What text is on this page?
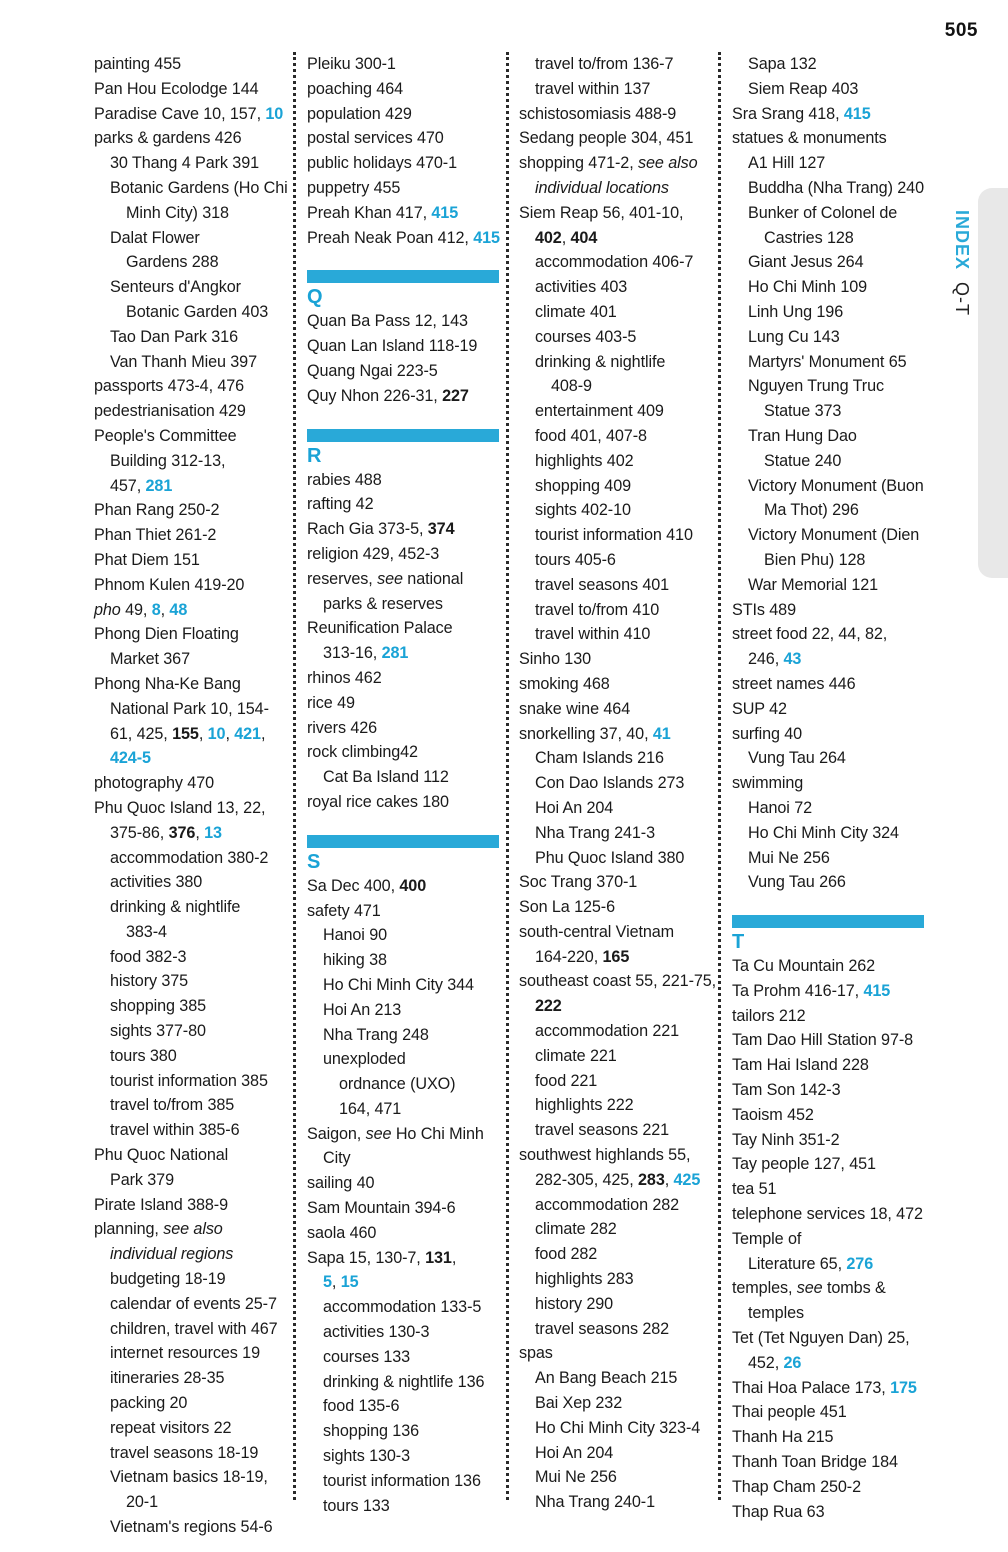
505
INDEX Q-T
painting 455
Pan Hou Ecolodge 144
Paradise Cave 10, 157, 10
parks & gardens 426
30 Thang 4 Park 391
Botanic Gardens (Ho Chi
Minh City) 318
Dalat Flower
Gardens 288
Senteurs d'Angkor
Botanic Garden 403
Tao Dan Park 316
Van Thanh Mieu 397
passports 473-4, 476
pedestrianisation 429
People's Committee
Building 312-13,
457, 281
Phan Rang 250-2
Phan Thiet 261-2
Phat Diem 151
Phnom Kulen 419-20
pho 49, 8, 48
Phong Dien Floating
Market 367
Phong Nha-Ke Bang
National Park 10, 154-
61, 425, 155, 10, 421,
424-5
photography 470
Phu Quoc Island 13, 22,
375-86, 376, 13
accommodation 380-2
activities 380
drinking & nightlife
383-4
food 382-3
history 375
shopping 385
sights 377-80
tours 380
tourist information 385
travel to/from 385
travel within 385-6
Phu Quoc National
Park 379
Pirate Island 388-9
planning, see also
individual regions
budgeting 18-19
calendar of events 25-7
children, travel with 467
internet resources 19
itineraries 28-35
packing 20
repeat visitors 22
travel seasons 18-19
Vietnam basics 18-19,
20-1
Vietnam's regions 54-6
Pleiku 300-1
poaching 464
population 429
postal services 470
public holidays 470-1
puppetry 455
Preah Khan 417, 415
Preah Neak Poan 412, 415
Q
Quan Ba Pass 12, 143
Quan Lan Island 118-19
Quang Ngai 223-5
Quy Nhon 226-31, 227
R
rabies 488
rafting 42
Rach Gia 373-5, 374
religion 429, 452-3
reserves, see national
parks & reserves
Reunification Palace
313-16, 281
rhinos 462
rice 49
rivers 426
rock climbing42
Cat Ba Island 112
royal rice cakes 180
S
Sa Dec 400, 400
safety 471
Hanoi 90
hiking 38
Ho Chi Minh City 344
Hoi An 213
Nha Trang 248
unexploded
ordnance (UXO)
164, 471
Saigon, see Ho Chi Minh
City
sailing 40
Sam Mountain 394-6
saola 460
Sapa 15, 130-7, 131,
5, 15
accommodation 133-5
activities 130-3
courses 133
drinking & nightlife 136
food 135-6
shopping 136
sights 130-3
tourist information 136
tours 133
travel to/from 136-7
travel within 137
schistosomiasis 488-9
Sedang people 304, 451
shopping 471-2, see also
individual locations
Siem Reap 56, 401-10,
402, 404
accommodation 406-7
activities 403
climate 401
courses 403-5
drinking & nightlife
408-9
entertainment 409
food 401, 407-8
highlights 402
shopping 409
sights 402-10
tourist information 410
tours 405-6
travel seasons 401
travel to/from 410
travel within 410
Sinho 130
smoking 468
snake wine 464
snorkelling 37, 40, 41
Cham Islands 216
Con Dao Islands 273
Hoi An 204
Nha Trang 241-3
Phu Quoc Island 380
Soc Trang 370-1
Son La 125-6
south-central Vietnam
164-220, 165
southeast coast 55, 221-75,
222
accommodation 221
climate 221
food 221
highlights 222
travel seasons 221
southwest highlands 55,
282-305, 425, 283, 425
accommodation 282
climate 282
food 282
highlights 283
history 290
travel seasons 282
spas
An Bang Beach 215
Bai Xep 232
Ho Chi Minh City 323-4
Hoi An 204
Mui Ne 256
Nha Trang 240-1
Sapa 132
Siem Reap 403
Sra Srang 418, 415
statues & monuments
A1 Hill 127
Buddha (Nha Trang) 240
Bunker of Colonel de
Castries 128
Giant Jesus 264
Ho Chi Minh 109
Linh Ung 196
Lung Cu 143
Martyrs' Monument 65
Nguyen Trung Truc
Statue 373
Tran Hung Dao
Statue 240
Victory Monument (Buon
Ma Thot) 296
Victory Monument (Dien
Bien Phu) 128
War Memorial 121
STIs 489
street food 22, 44, 82,
246, 43
street names 446
SUP 42
surfing 40
Vung Tau 264
swimming
Hanoi 72
Ho Chi Minh City 324
Mui Ne 256
Vung Tau 266
T
Ta Cu Mountain 262
Ta Prohm 416-17, 415
tailors 212
Tam Dao Hill Station 97-8
Tam Hai Island 228
Tam Son 142-3
Taoism 452
Tay Ninh 351-2
Tay people 127, 451
tea 51
telephone services 18, 472
Temple of
Literature 65, 276
temples, see tombs &
temples
Tet (Tet Nguyen Dan) 25,
452, 26
Thai Hoa Palace 173, 175
Thai people 451
Thanh Ha 215
Thanh Toan Bridge 184
Thap Cham 250-2
Thap Rua 63
